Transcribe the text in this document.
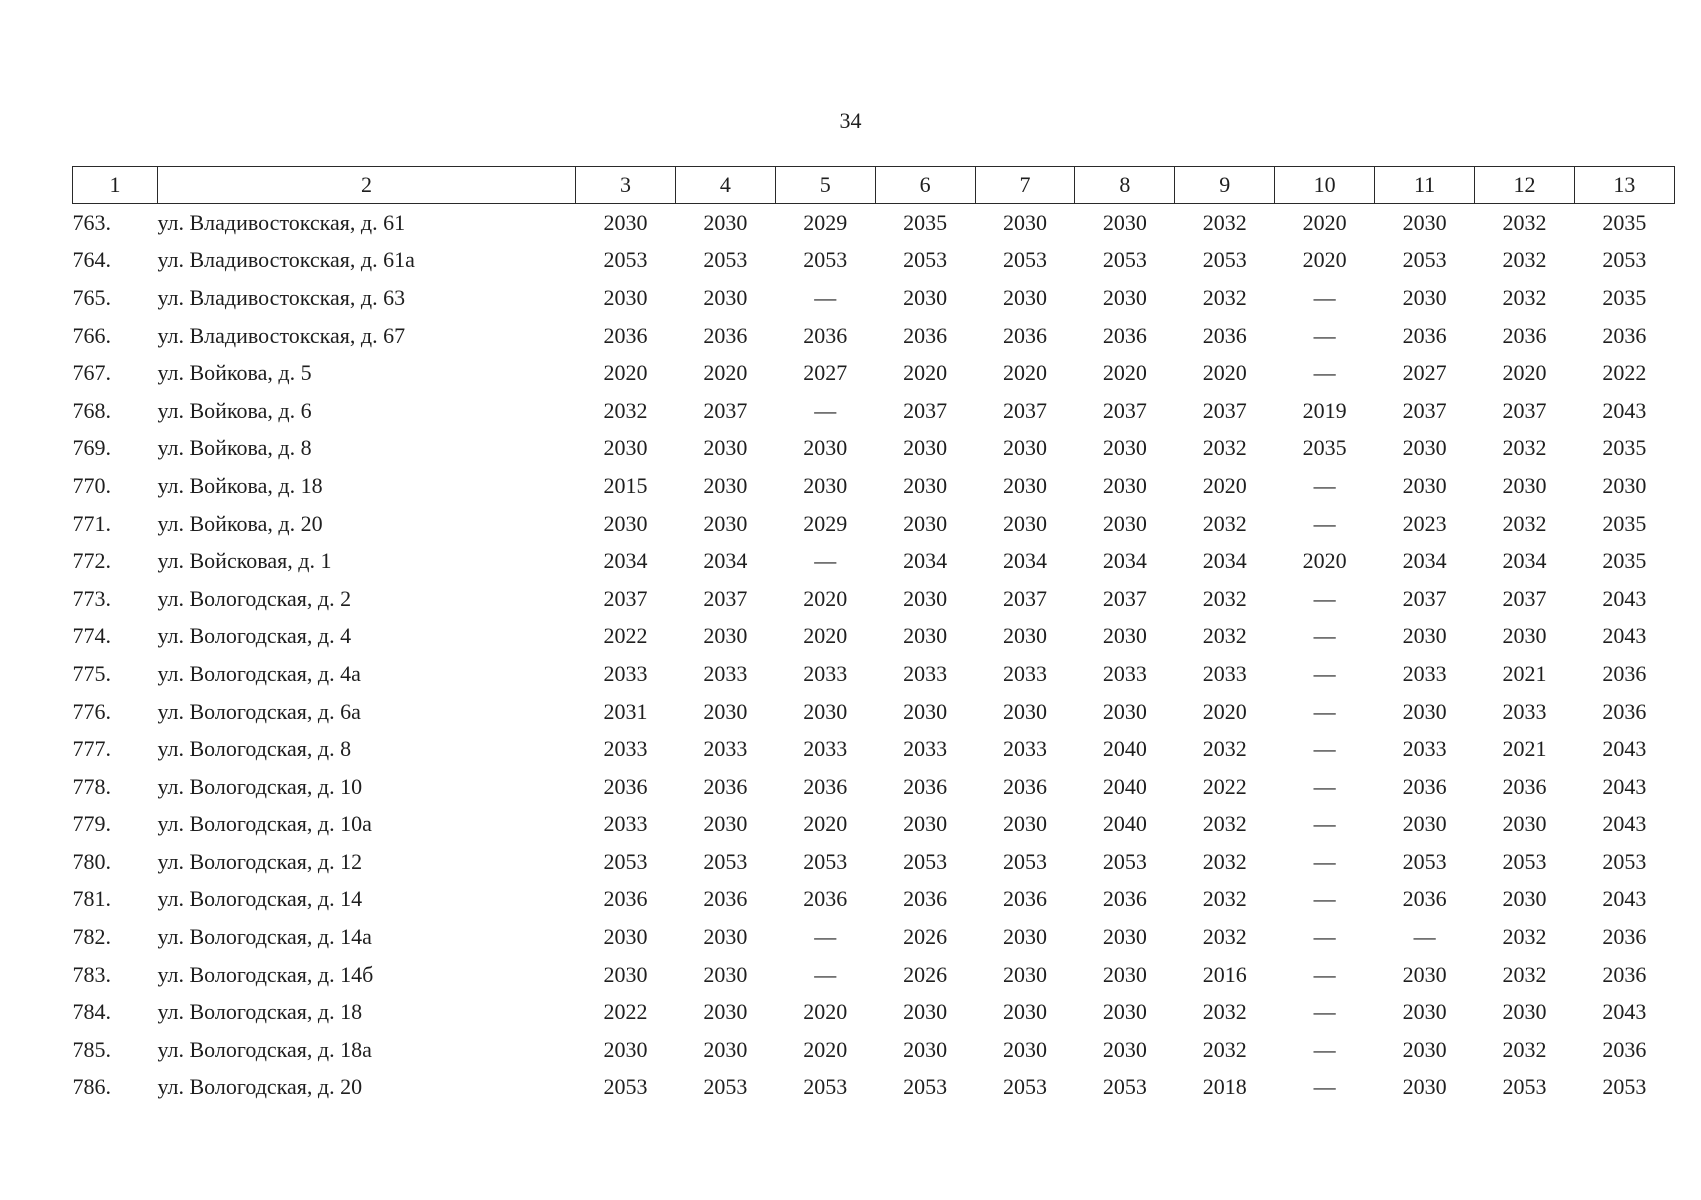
34
1	2	3	4	5	6	7	8	9	10	11	12	13
763.	ул. Владивостокская, д. 61	2030	2030	2029	2035	2030	2030	2032	2020	2030	2032	2035
764.	ул. Владивостокская, д. 61а	2053	2053	2053	2053	2053	2053	2053	2020	2053	2032	2053
765.	ул. Владивостокская, д. 63	2030	2030	—	2030	2030	2030	2032	—	2030	2032	2035
766.	ул. Владивостокская, д. 67	2036	2036	2036	2036	2036	2036	2036	—	2036	2036	2036
767.	ул. Войкова, д. 5	2020	2020	2027	2020	2020	2020	2020	—	2027	2020	2022
768.	ул. Войкова, д. 6	2032	2037	—	2037	2037	2037	2037	2019	2037	2037	2043
769.	ул. Войкова, д. 8	2030	2030	2030	2030	2030	2030	2032	2035	2030	2032	2035
770.	ул. Войкова, д. 18	2015	2030	2030	2030	2030	2030	2020	—	2030	2030	2030
771.	ул. Войкова, д. 20	2030	2030	2029	2030	2030	2030	2032	—	2023	2032	2035
772.	ул. Войсковая, д. 1	2034	2034	—	2034	2034	2034	2034	2020	2034	2034	2035
773.	ул. Вологодская, д. 2	2037	2037	2020	2030	2037	2037	2032	—	2037	2037	2043
774.	ул. Вологодская, д. 4	2022	2030	2020	2030	2030	2030	2032	—	2030	2030	2043
775.	ул. Вологодская, д. 4а	2033	2033	2033	2033	2033	2033	2033	—	2033	2021	2036
776.	ул. Вологодская, д. 6а	2031	2030	2030	2030	2030	2030	2020	—	2030	2033	2036
777.	ул. Вологодская, д. 8	2033	2033	2033	2033	2033	2040	2032	—	2033	2021	2043
778.	ул. Вологодская, д. 10	2036	2036	2036	2036	2036	2040	2022	—	2036	2036	2043
779.	ул. Вологодская, д. 10а	2033	2030	2020	2030	2030	2040	2032	—	2030	2030	2043
780.	ул. Вологодская, д. 12	2053	2053	2053	2053	2053	2053	2032	—	2053	2053	2053
781.	ул. Вологодская, д. 14	2036	2036	2036	2036	2036	2036	2032	—	2036	2030	2043
782.	ул. Вологодская, д. 14а	2030	2030	—	2026	2030	2030	2032	—	—	2032	2036
783.	ул. Вологодская, д. 14б	2030	2030	—	2026	2030	2030	2016	—	2030	2032	2036
784.	ул. Вологодская, д. 18	2022	2030	2020	2030	2030	2030	2032	—	2030	2030	2043
785.	ул. Вологодская, д. 18а	2030	2030	2020	2030	2030	2030	2032	—	2030	2032	2036
786.	ул. Вологодская, д. 20	2053	2053	2053	2053	2053	2053	2018	—	2030	2053	2053
